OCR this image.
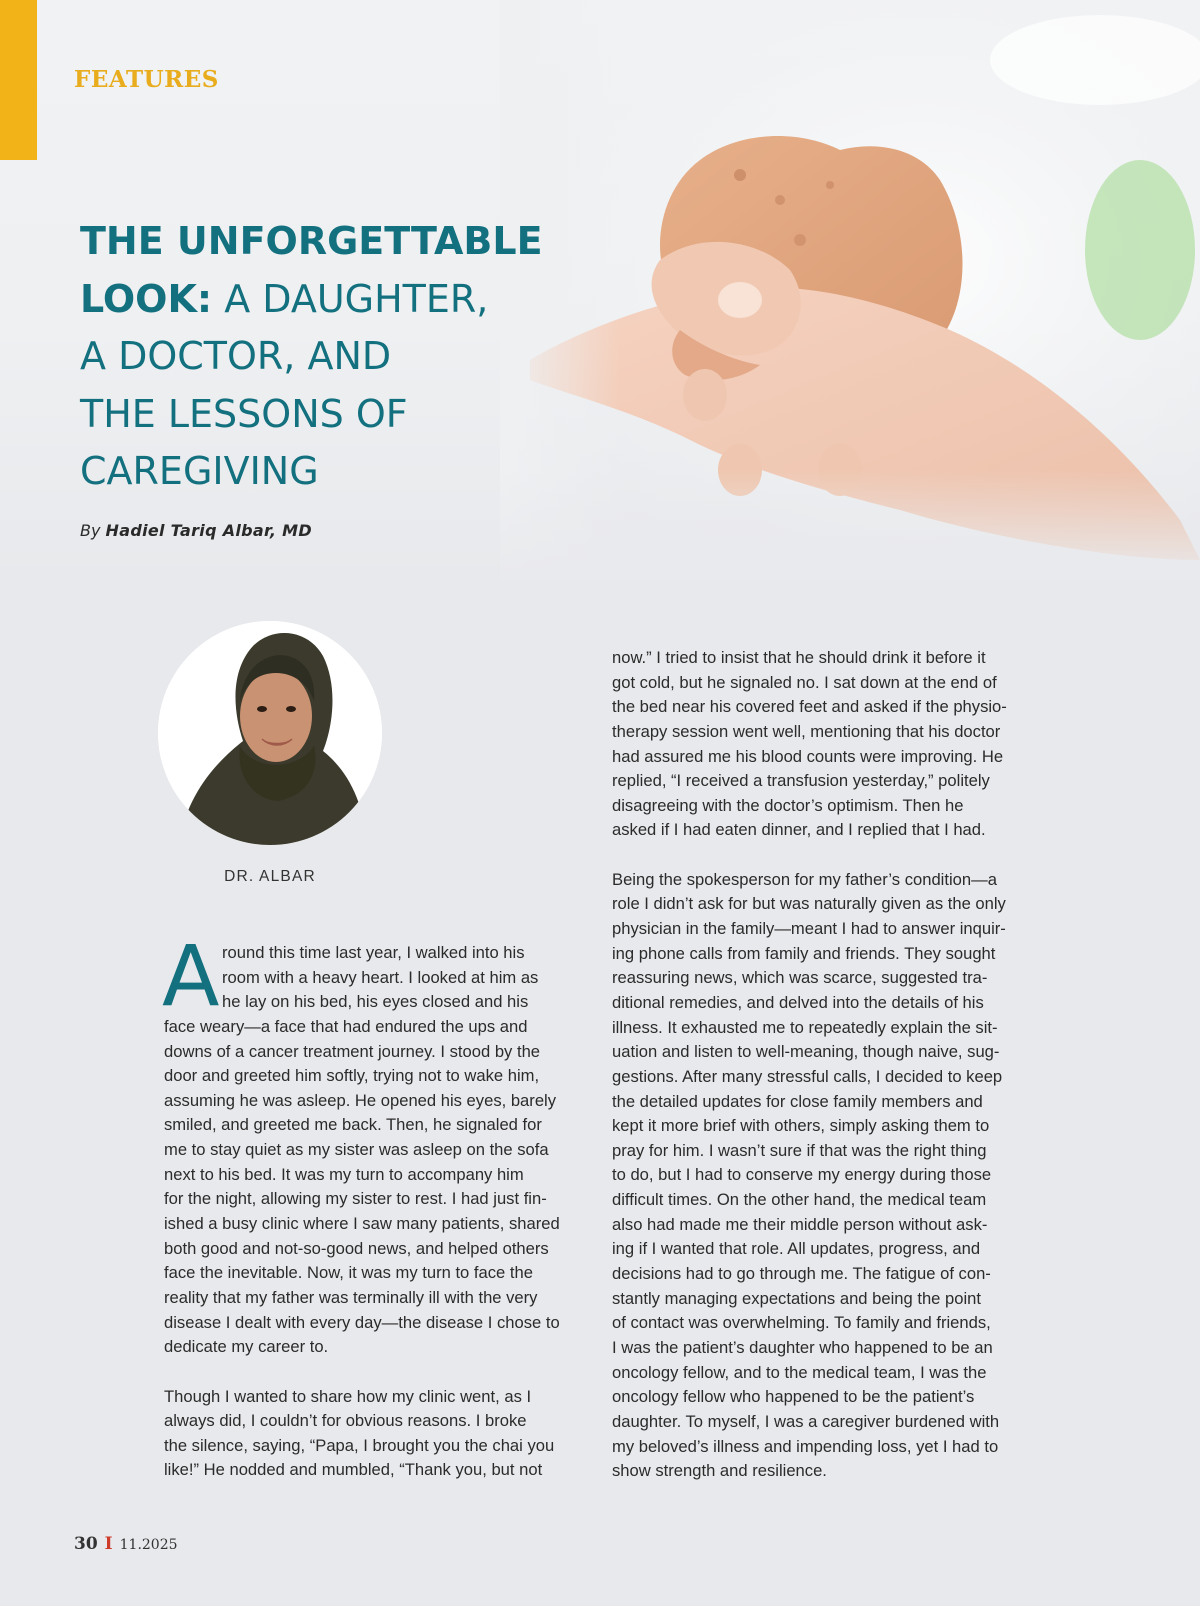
FEATURES
THE UNFORGETTABLE
LOOK: A DAUGHTER,
A DOCTOR, AND
THE LESSONS OF
CAREGIVING
By Hadiel Tariq Albar, MD
DR. ALBAR
A round this time last year, I walked into his
room with a heavy heart. I looked at him as
he lay on his bed, his eyes closed and his
face weary—a face that had endured the ups and
downs of a cancer treatment journey. I stood by the
door and greeted him softly, trying not to wake him,
assuming he was asleep. He opened his eyes, barely
smiled, and greeted me back. Then, he signaled for
me to stay quiet as my sister was asleep on the sofa
next to his bed. It was my turn to accompany him
for the night, allowing my sister to rest. I had just fin-
ished a busy clinic where I saw many patients, shared
both good and not-so-good news, and helped others
face the inevitable. Now, it was my turn to face the
reality that my father was terminally ill with the very
disease I dealt with every day—the disease I chose to
dedicate my career to.
Though I wanted to share how my clinic went, as I
always did, I couldn’t for obvious reasons. I broke
the silence, saying, “Papa, I brought you the chai you
like!” He nodded and mumbled, “Thank you, but not
now.” I tried to insist that he should drink it before it
got cold, but he signaled no. I sat down at the end of
the bed near his covered feet and asked if the physio-
therapy session went well, mentioning that his doctor
had assured me his blood counts were improving. He
replied, “I received a transfusion yesterday,” politely
disagreeing with the doctor’s optimism. Then he
asked if I had eaten dinner, and I replied that I had.
Being the spokesperson for my father’s condition—a
role I didn’t ask for but was naturally given as the only
physician in the family—meant I had to answer inquir-
ing phone calls from family and friends. They sought
reassuring news, which was scarce, suggested tra-
ditional remedies, and delved into the details of his
illness. It exhausted me to repeatedly explain the sit-
uation and listen to well-meaning, though naive, sug-
gestions. After many stressful calls, I decided to keep
the detailed updates for close family members and
kept it more brief with others, simply asking them to
pray for him. I wasn’t sure if that was the right thing
to do, but I had to conserve my energy during those
difficult times. On the other hand, the medical team
also had made me their middle person without ask-
ing if I wanted that role. All updates, progress, and
decisions had to go through me. The fatigue of con-
stantly managing expectations and being the point
of contact was overwhelming. To family and friends,
I was the patient’s daughter who happened to be an
oncology fellow, and to the medical team, I was the
oncology fellow who happened to be the patient’s
daughter. To myself, I was a caregiver burdened with
my beloved’s illness and impending loss, yet I had to
show strength and resilience.
30 I 11.2025
